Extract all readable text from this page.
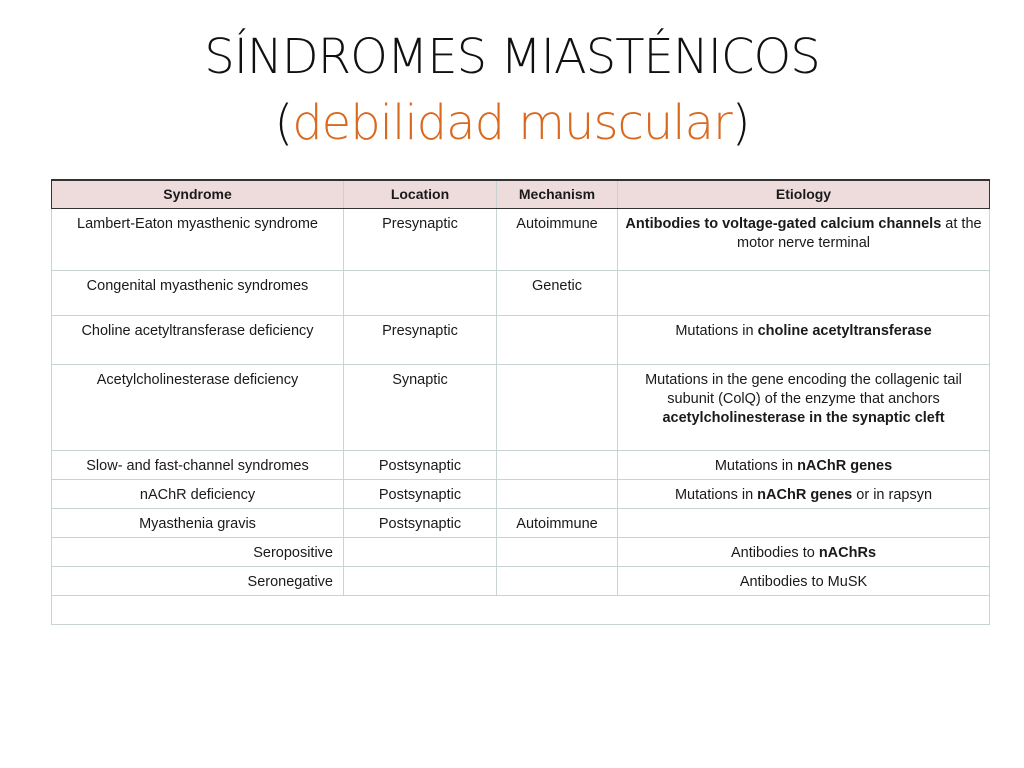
SÍNDROMES MIASTÉNICOS
(debilidad muscular)
Syndrome	Location	Mechanism	Etiology
Lambert-Eaton myasthenic syndrome	Presynaptic	Autoimmune	Antibodies to voltage-gated calcium channels at the motor nerve terminal
Congenital myasthenic syndromes		Genetic	
Choline acetyltransferase deficiency	Presynaptic		Mutations in choline acetyltransferase
Acetylcholinesterase deficiency	Synaptic		Mutations in the gene encoding the collagenic tail subunit (ColQ) of the enzyme that anchors acetylcholinesterase in the synaptic cleft
Slow- and fast-channel syndromes	Postsynaptic		Mutations in nAChR genes
nAChR deficiency	Postsynaptic		Mutations in nAChR genes or in rapsyn
Myasthenia gravis	Postsynaptic	Autoimmune	
Seropositive			Antibodies to nAChRs
Seronegative			Antibodies to MuSK
